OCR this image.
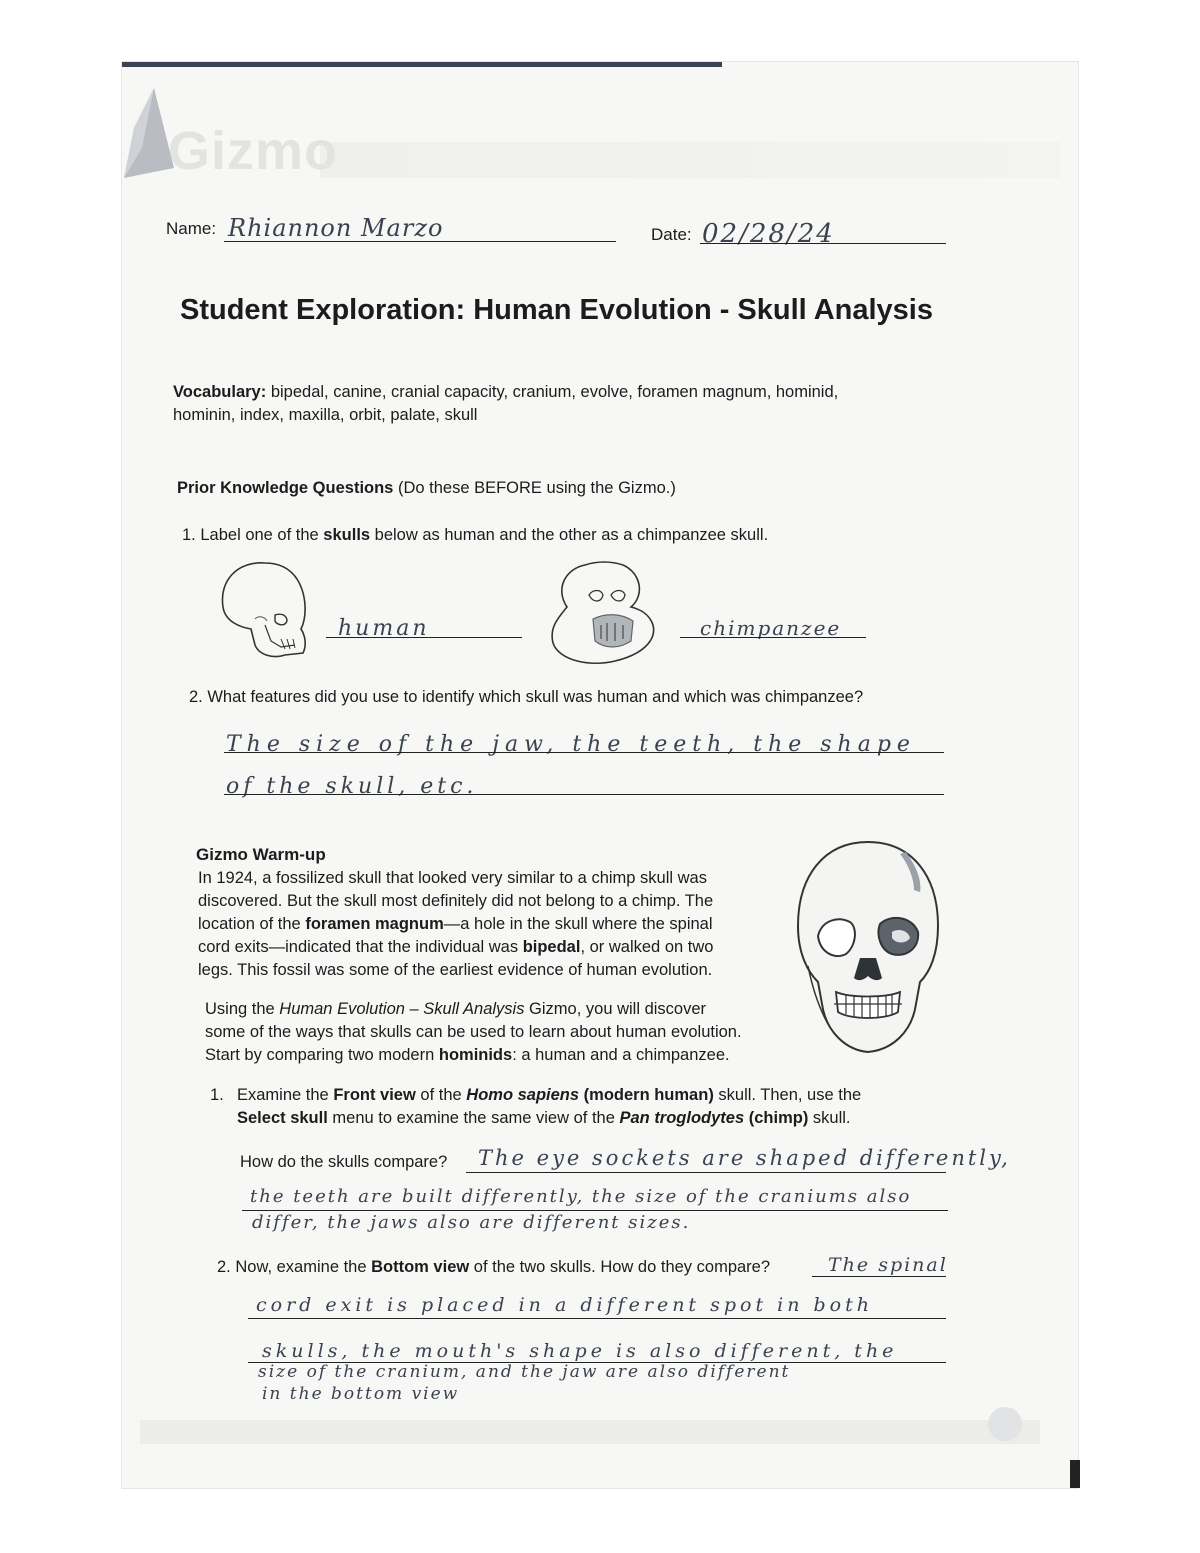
Gizmo
Name: Rhiannon Marzo	Date: 02/28/24
Student Exploration: Human Evolution - Skull Analysis
Vocabulary: bipedal, canine, cranial capacity, cranium, evolve, foramen magnum, hominid,
hominin, index, maxilla, orbit, palate, skull
Prior Knowledge Questions (Do these BEFORE using the Gizmo.)
1. Label one of the skulls below as human and the other as a chimpanzee skull.
human	chimpanzee
2. What features did you use to identify which skull was human and which was chimpanzee?
The size of the jaw, the teeth, the shape
of the skull, etc.
Gizmo Warm-up
In 1924, a fossilized skull that looked very similar to a chimp skull was
discovered. But the skull most definitely did not belong to a chimp. The
location of the foramen magnum—a hole in the skull where the spinal
cord exits—indicated that the individual was bipedal, or walked on two
legs. This fossil was some of the earliest evidence of human evolution.
Using the Human Evolution – Skull Analysis Gizmo, you will discover
some of the ways that skulls can be used to learn about human evolution.
Start by comparing two modern hominids: a human and a chimpanzee.
1. Examine the Front view of the Homo sapiens (modern human) skull. Then, use the
Select skull menu to examine the same view of the Pan troglodytes (chimp) skull.
How do the skulls compare? The eye sockets are shaped differently,
the teeth are built differently, the size of the craniums also
differ, the jaws also are different sizes.
2. Now, examine the Bottom view of the two skulls. How do they compare?	The spinal
cord exit is placed in a different spot in both
skulls, the mouth's shape is also different, the
size of the cranium, and the jaw are also different
in the bottom view
